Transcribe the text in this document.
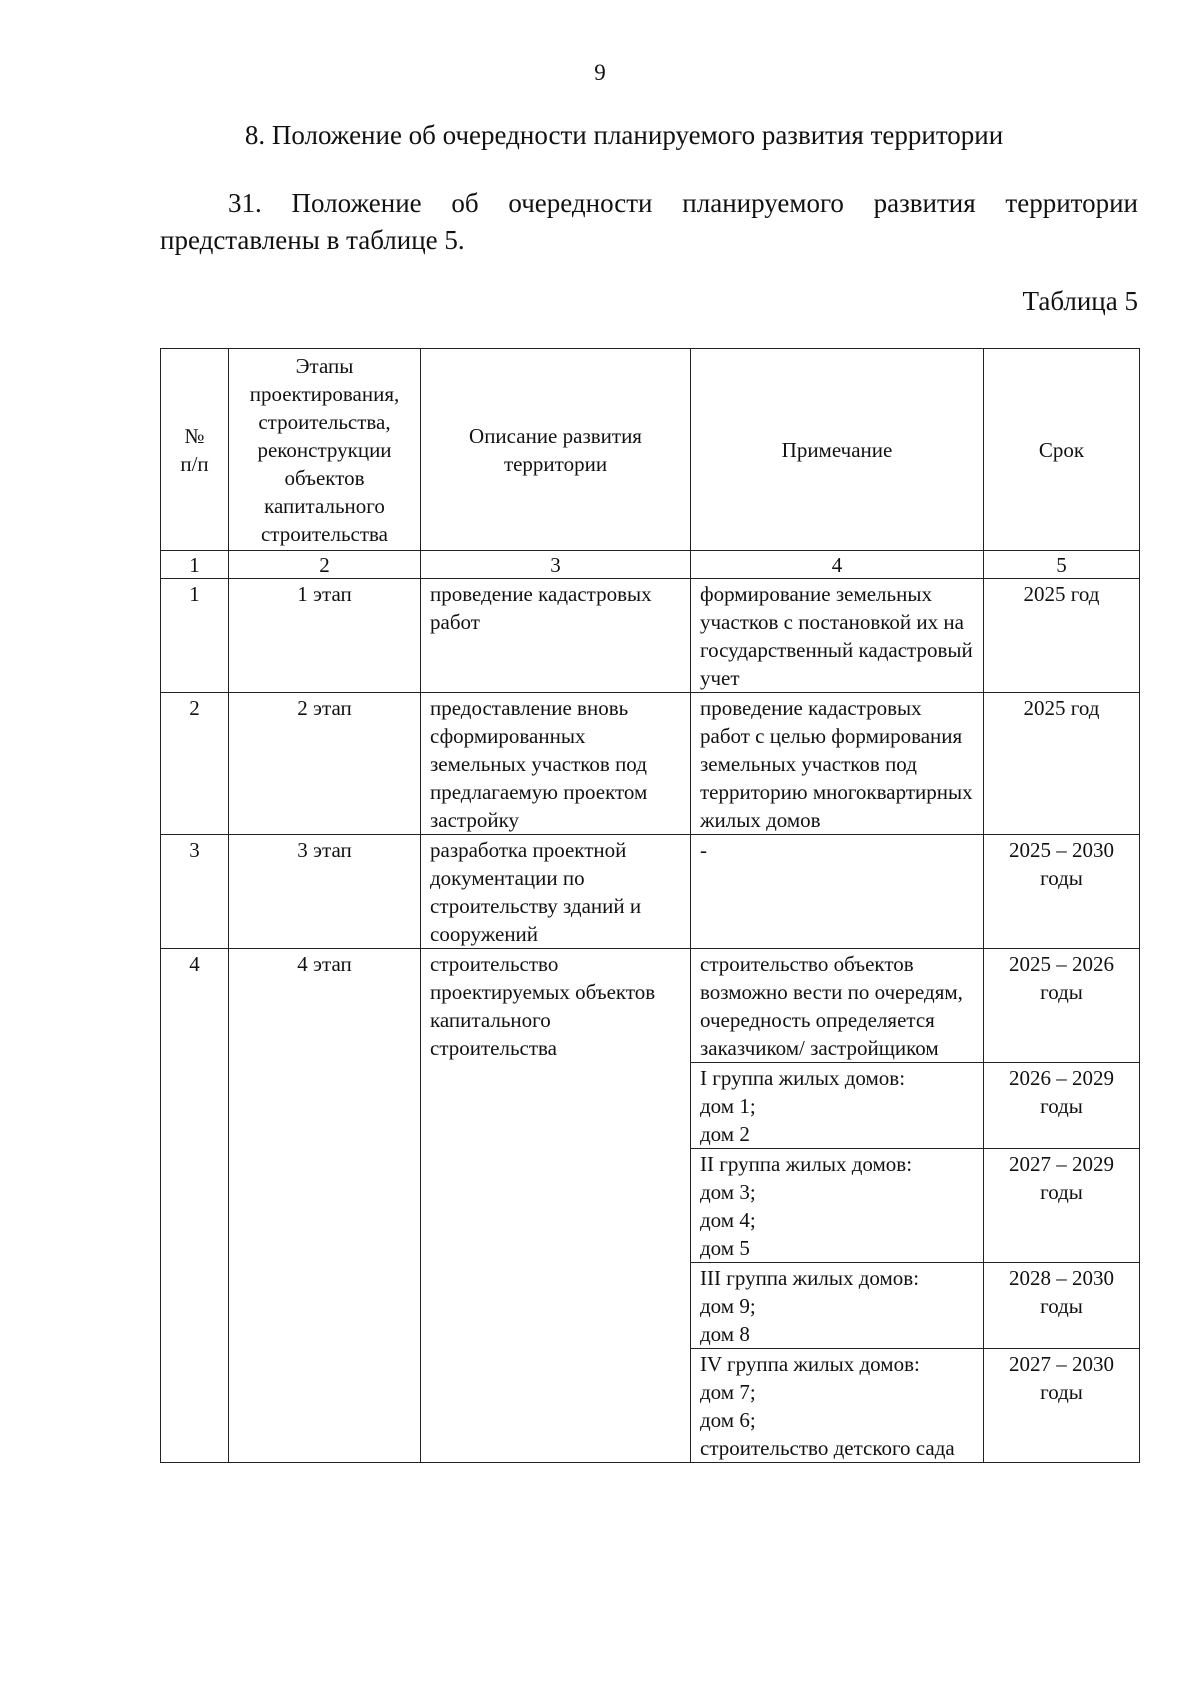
9
8. Положение об очередности планируемого развития территории
31. Положение об очередности планируемого развития территории представлены в таблице 5.
Таблица 5
№
п/п	Этапы проектирования, строительства, реконструкции объектов капитального строительства	Описание развития территории	Примечание	Срок
1	2	3	4	5
1	1 этап	проведение кадастровых работ	формирование земельных участков с постановкой их на государственный кадастровый учет	2025 год
2	2 этап	предоставление вновь сформированных земельных участков под предлагаемую проектом застройку	проведение кадастровых работ с целью формирования земельных участков под территорию многоквартирных жилых домов	2025 год
3	3 этап	разработка проектной документации по строительству зданий и сооружений	-	2025 – 2030
годы
4	4 этап	строительство проектируемых объектов капитального строительства	строительство объектов возможно вести по очередям, очередность определяется заказчиком/ застройщиком	2025 – 2026
годы
			I группа жилых домов:
дом 1;
дом 2	2026 – 2029
годы
			II группа жилых домов:
дом 3;
дом 4;
дом 5	2027 – 2029
годы
			III группа жилых домов:
дом 9;
дом 8	2028 – 2030
годы
			IV группа жилых домов:
дом 7;
дом 6;
строительство детского сада	2027 – 2030
годы
